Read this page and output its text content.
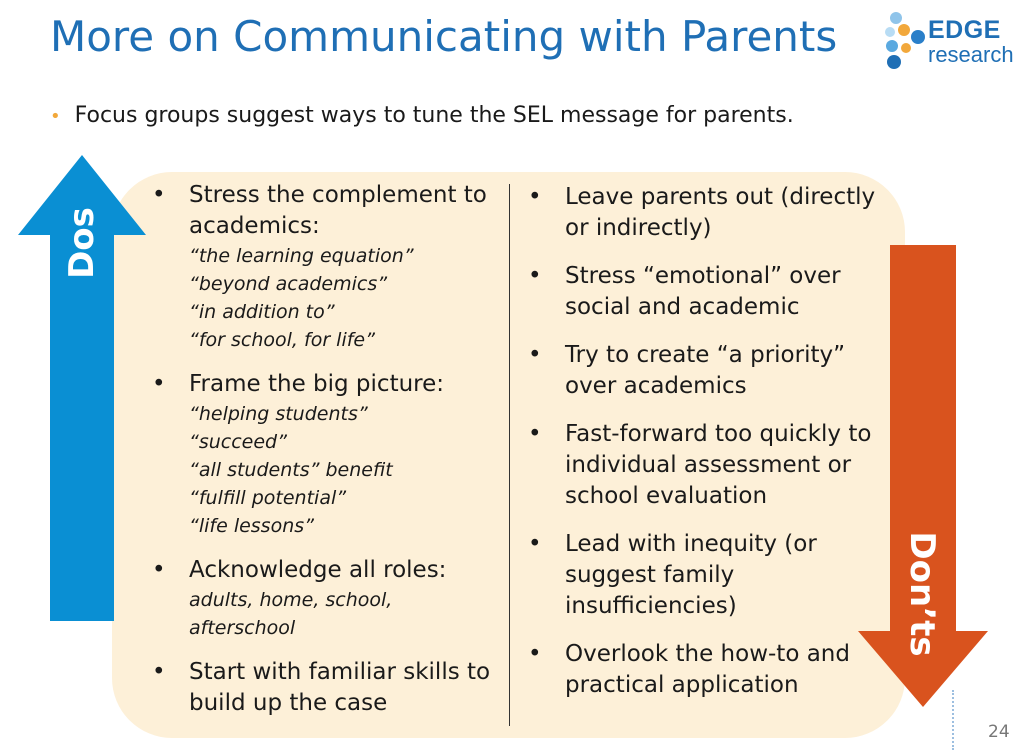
More on Communicating with Parents	EDGE
research
• Focus groups suggest ways to tune the SEL message for parents.
Dos
Don’ts
• Stress the complement to academics:
“the learning equation”
“beyond academics”
“in addition to”
“for school, for life”
• Frame the big picture:
“helping students”
“succeed”
“all students” benefit
“fulfill potential”
“life lessons”
• Acknowledge all roles:
adults, home, school,
afterschool
• Start with familiar skills to build up the case
• Leave parents out (directly or indirectly)
• Stress “emotional” over social and academic
• Try to create “a priority” over academics
• Fast-forward too quickly to individual assessment or school evaluation
• Lead with inequity (or suggest family insufficiencies)
• Overlook the how-to and practical application
24
